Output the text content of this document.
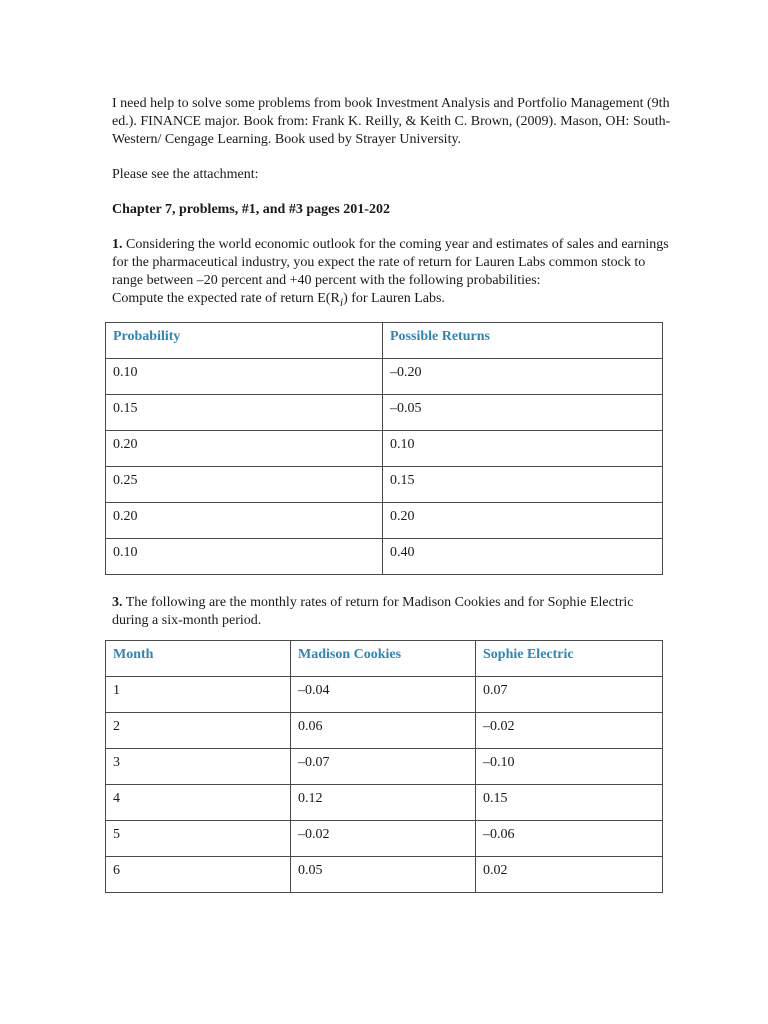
I need help to solve some problems from book Investment Analysis and Portfolio Management (9th ed.). FINANCE major. Book from: Frank K. Reilly, & Keith C. Brown, (2009). Mason, OH: South-Western/ Cengage Learning. Book used by Strayer University.

Please see the attachment:

Chapter 7, problems, #1, and #3 pages 201-202

1. Considering the world economic outlook for the coming year and estimates of sales and earnings for the pharmaceutical industry, you expect the rate of return for Lauren Labs common stock to range between –20 percent and +40 percent with the following probabilities:
Compute the expected rate of return $E(R_i)$ for Lauren Labs.

Probability	Possible Returns
0.10	–0.20
0.15	–0.05
0.20	0.10
0.25	0.15
0.20	0.20
0.10	0.40

3. The following are the monthly rates of return for Madison Cookies and for Sophie Electric during a six-month period.

Month	Madison Cookies	Sophie Electric
1	–0.04	0.07
2	0.06	–0.02
3	–0.07	–0.10
4	0.12	0.15
5	–0.02	–0.06
6	0.05	0.02
